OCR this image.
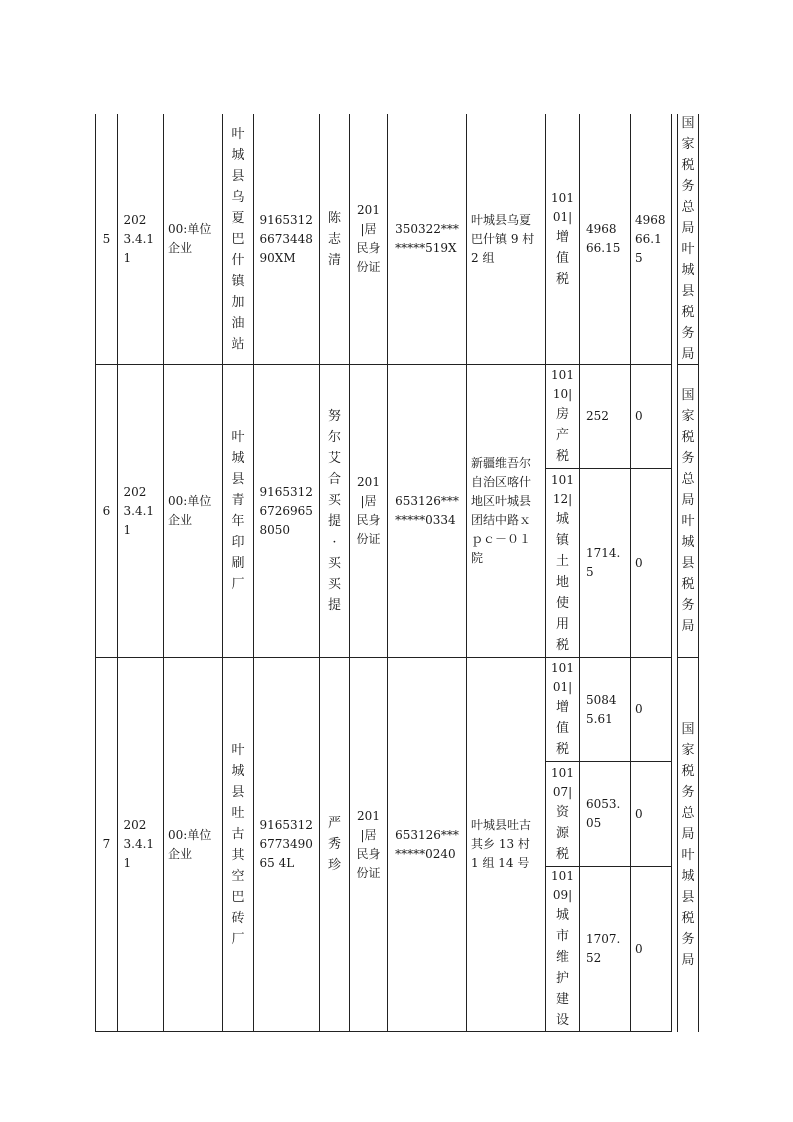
5
2023.4.11
00:单位企业
叶城县乌夏巴什镇加油站
91653126673448 90XM
陈志清
201|居民身份证
350322***
*****519X
叶城县乌夏巴什镇 9 村 2 组
10101|
增值税
496866.15
496866.15
国家税务总局叶城县税务局
6
2023.4.11
00:单位企业
叶城县青年印刷厂
916531267269658050
努尔艾合买提·买买提
201|居民身份证
653126***
*****0334
新疆维吾尔自治区喀什地区叶城县团结中路ｘｐｃ－０１院
10110|
房产税
252	0
10112|
城镇土地使用税
1714.5
0
国家税务总局叶城县税务局
7
2023.4.11
00:单位企业
叶城县吐古其空巴砖厂
9165312677349065 4L
严秀珍
201|居民身份证
653126***
*****0240
叶城县吐古其乡 13 村 1 组 14 号
10101|
增值税
50845.61
0
10107|
资源税
6053.05
0
10109|
城市维护建设
1707.52
0
国家税务总局叶城县税务局
